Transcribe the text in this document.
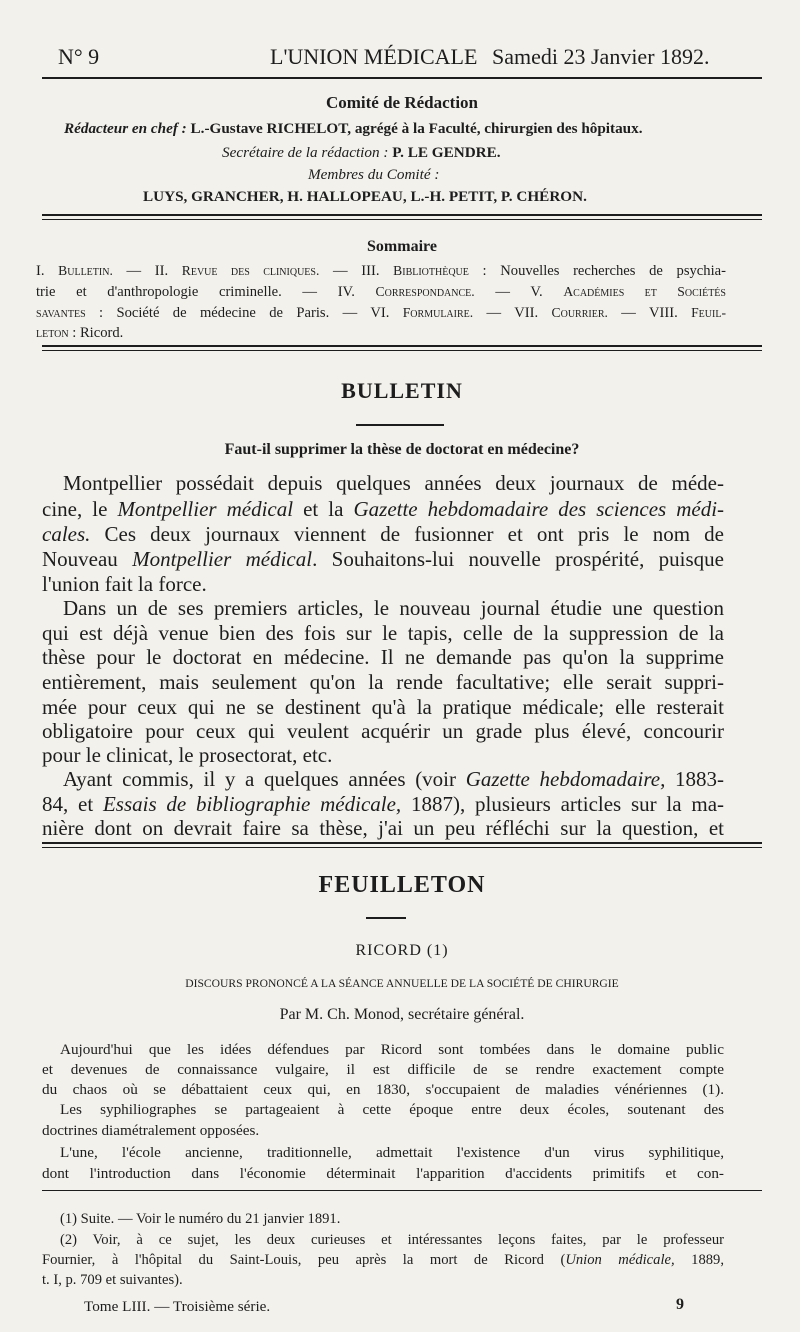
N° 9	L'UNION MÉDICALE Samedi 23 Janvier 1892.
Comité de Rédaction
Rédacteur en chef : L.-Gustave RICHELOT, agrégé à la Faculté, chirurgien des hôpitaux.
Secrétaire de la rédaction : P. LE GENDRE.
Membres du Comité :
LUYS, GRANCHER, H. HALLOPEAU, L.-H. PETIT, P. CHÉRON.
Sommaire
I. Bulletin. — II. Revue des cliniques. — III. Bibliothèque : Nouvelles recherches de psychia-
trie et d'anthropologie criminelle. — IV. Correspondance. — V. Académies et Sociétés
savantes : Société de médecine de Paris. — VI. Formulaire. — VII. Courrier. — VIII. Feuil-
leton : Ricord.
BULLETIN
Faut-il supprimer la thèse de doctorat en médecine?
Montpellier possédait depuis quelques années deux journaux de méde-
cine, le Montpellier médical et la Gazette hebdomadaire des sciences médi-
cales. Ces deux journaux viennent de fusionner et ont pris le nom de
Nouveau Montpellier médical. Souhaitons-lui nouvelle prospérité, puisque
l'union fait la force.
Dans un de ses premiers articles, le nouveau journal étudie une question
qui est déjà venue bien des fois sur le tapis, celle de la suppression de la
thèse pour le doctorat en médecine. Il ne demande pas qu'on la supprime
entièrement, mais seulement qu'on la rende facultative; elle serait suppri-
mée pour ceux qui ne se destinent qu'à la pratique médicale; elle resterait
obligatoire pour ceux qui veulent acquérir un grade plus élevé, concourir
pour le clinicat, le prosectorat, etc.
Ayant commis, il y a quelques années (voir Gazette hebdomadaire, 1883-
84, et Essais de bibliographie médicale, 1887), plusieurs articles sur la ma-
nière dont on devrait faire sa thèse, j'ai un peu réfléchi sur la question, et
FEUILLETON
RICORD (1)
DISCOURS PRONONCÉ A LA SÉANCE ANNUELLE DE LA SOCIÉTÉ DE CHIRURGIE
Par M. Ch. Monod, secrétaire général.
Aujourd'hui que les idées défendues par Ricord sont tombées dans le domaine public
et devenues de connaissance vulgaire, il est difficile de se rendre exactement compte
du chaos où se débattaient ceux qui, en 1830, s'occupaient de maladies vénériennes (1).
Les syphiliographes se partageaient à cette époque entre deux écoles, soutenant des
doctrines diamétralement opposées.
L'une, l'école ancienne, traditionnelle, admettait l'existence d'un virus syphilitique,
dont l'introduction dans l'économie déterminait l'apparition d'accidents primitifs et con-
(1) Suite. — Voir le numéro du 21 janvier 1891.
(2) Voir, à ce sujet, les deux curieuses et intéressantes leçons faites, par le professeur
Fournier, à l'hôpital du Saint-Louis, peu après la mort de Ricord (Union médicale, 1889,
t. I, p. 709 et suivantes).
Tome LIII. — Troisième série.	9
